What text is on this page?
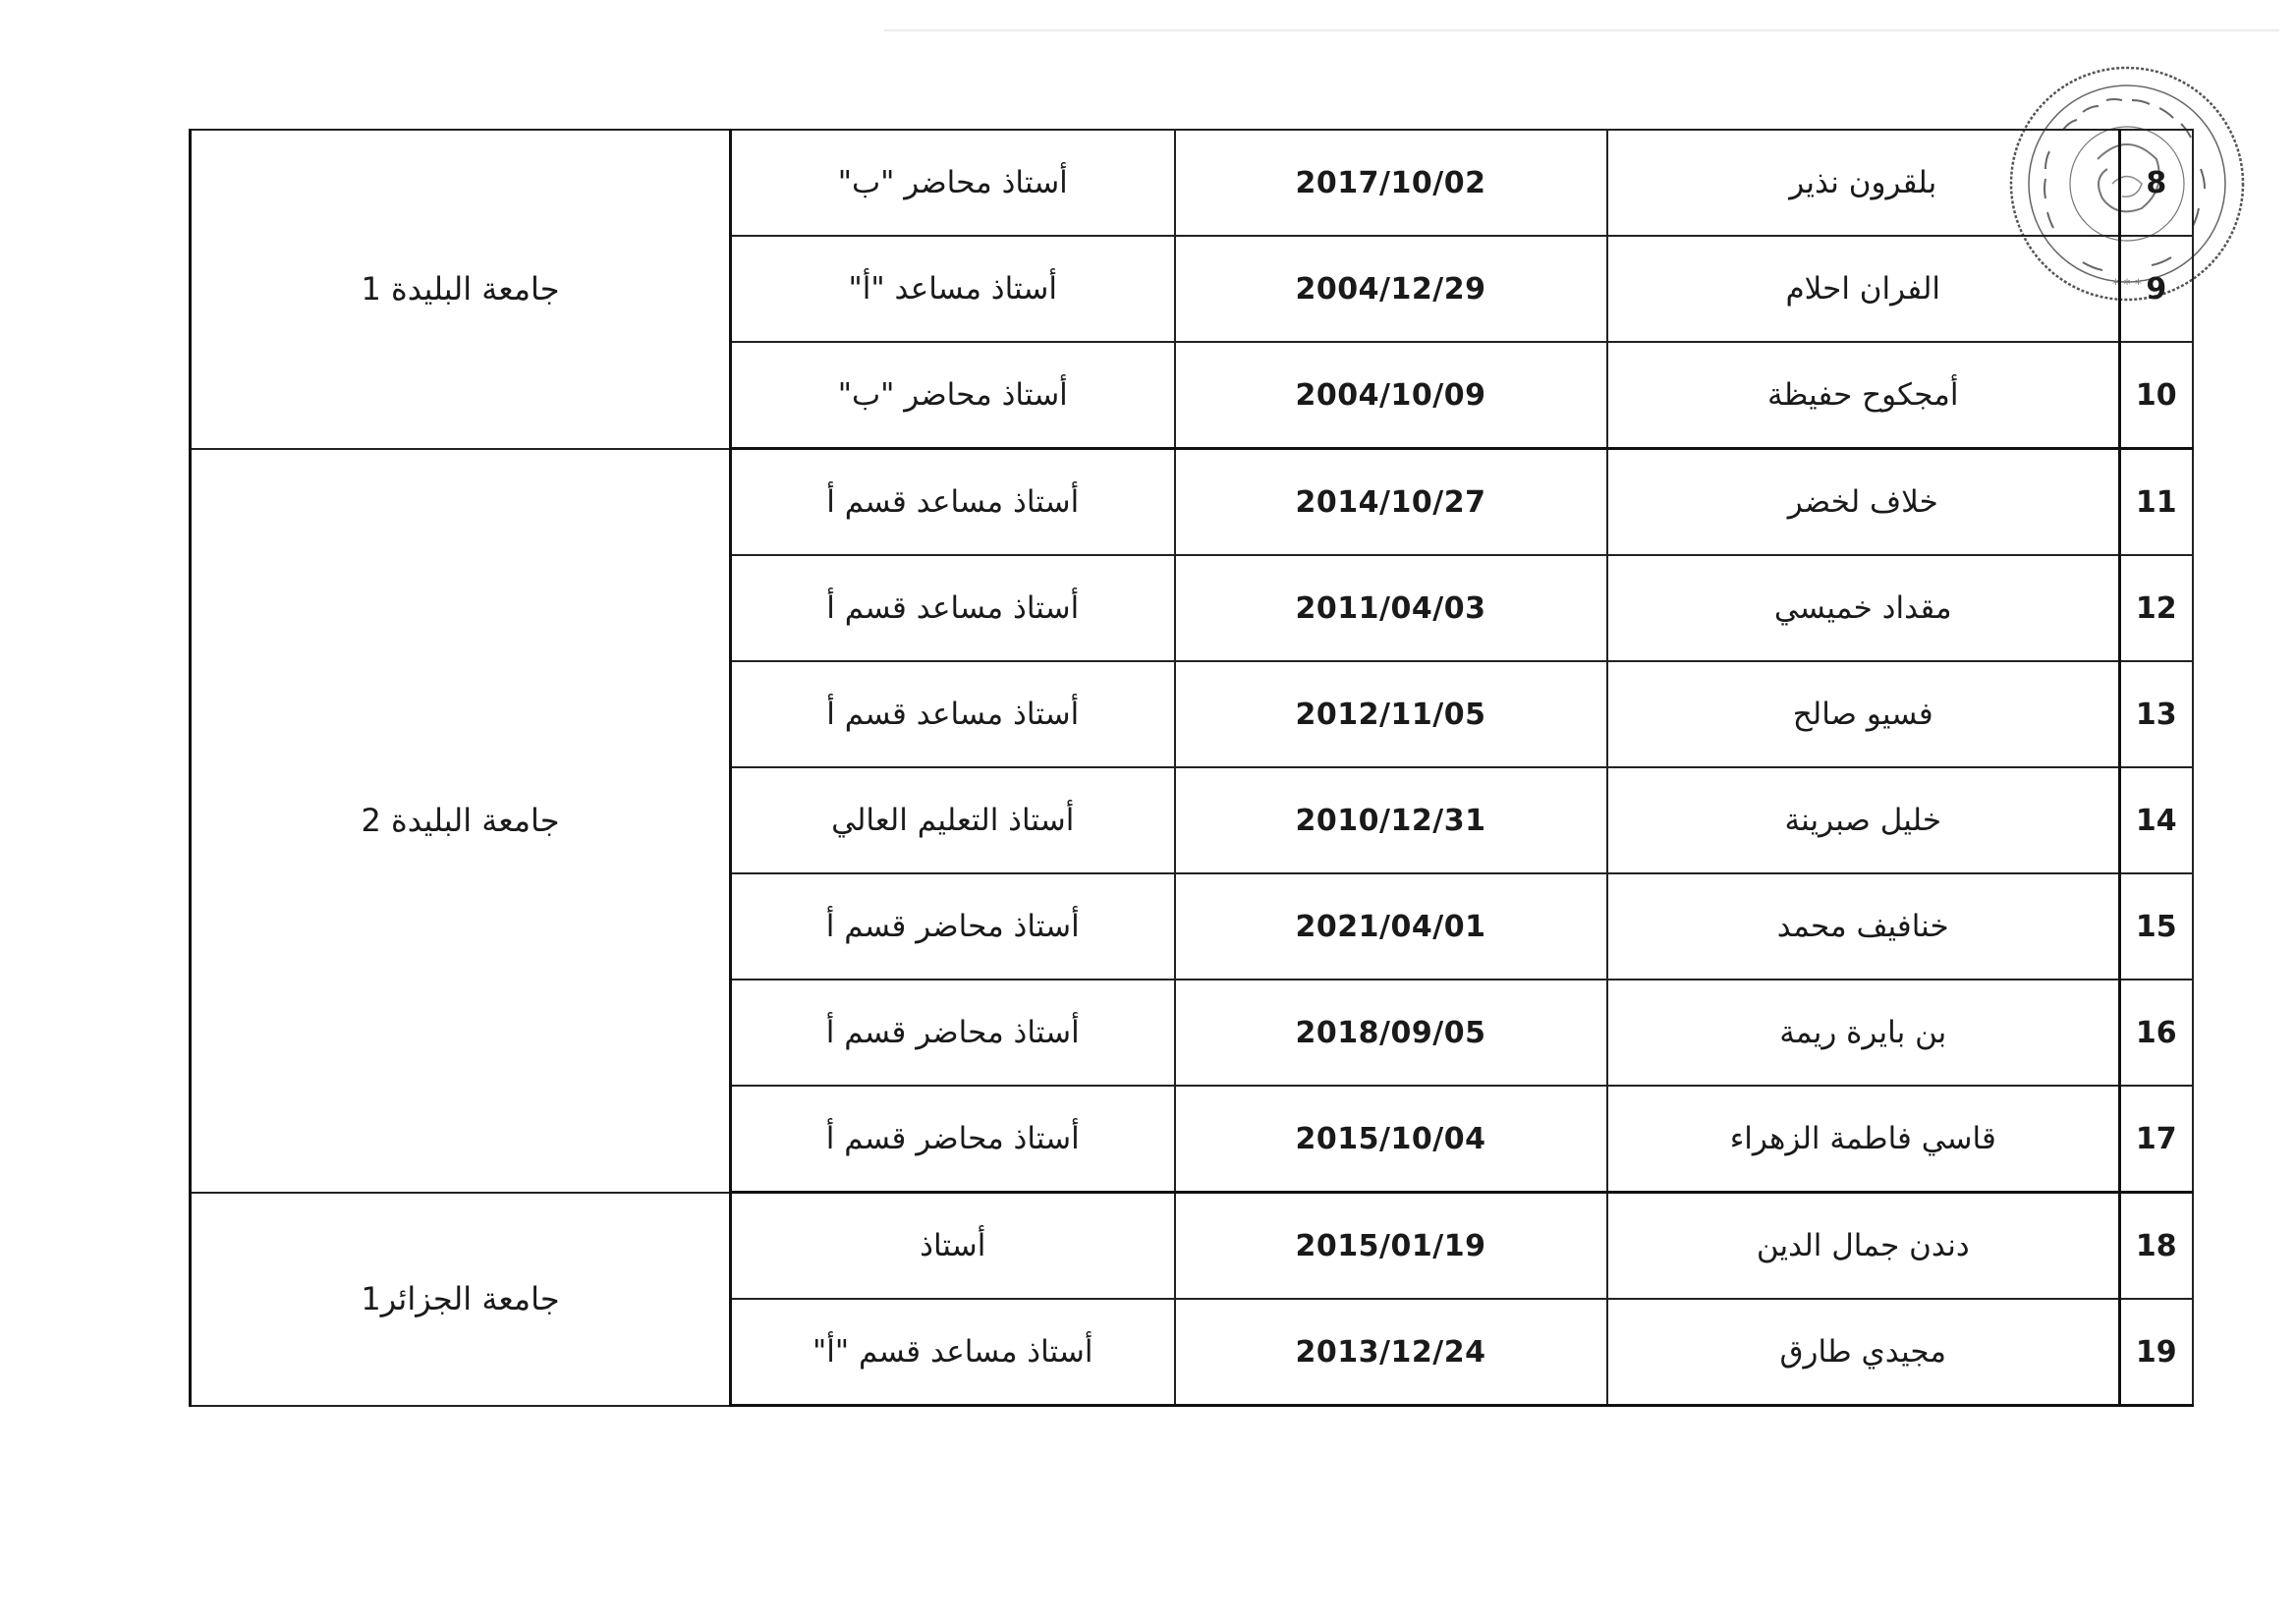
* * *
8	بلقرون نذير	2017/10/02	أستاذ محاضر "ب"	جامعة البليدة 1
9	الفران احلام	2004/12/29	أستاذ مساعد "أ"	
10	أمجكوح حفيظة	2004/10/09	أستاذ محاضر "ب"	
11	خلاف لخضر	2014/10/27	أستاذ مساعد قسم أ	جامعة البليدة 2
12	مقداد خميسي	2011/04/03	أستاذ مساعد قسم أ	
13	فسيو صالح	2012/11/05	أستاذ مساعد قسم أ	
14	خليل صبرينة	2010/12/31	أستاذ التعليم العالي	
15	خنافيف محمد	2021/04/01	أستاذ محاضر قسم أ	
16	بن بايرة ريمة	2018/09/05	أستاذ محاضر قسم أ	
17	قاسي فاطمة الزهراء	2015/10/04	أستاذ محاضر قسم أ	
18	دندن جمال الدين	2015/01/19	أستاذ	جامعة الجزائر1
19	مجيدي طارق	2013/12/24	أستاذ مساعد قسم "أ"	
